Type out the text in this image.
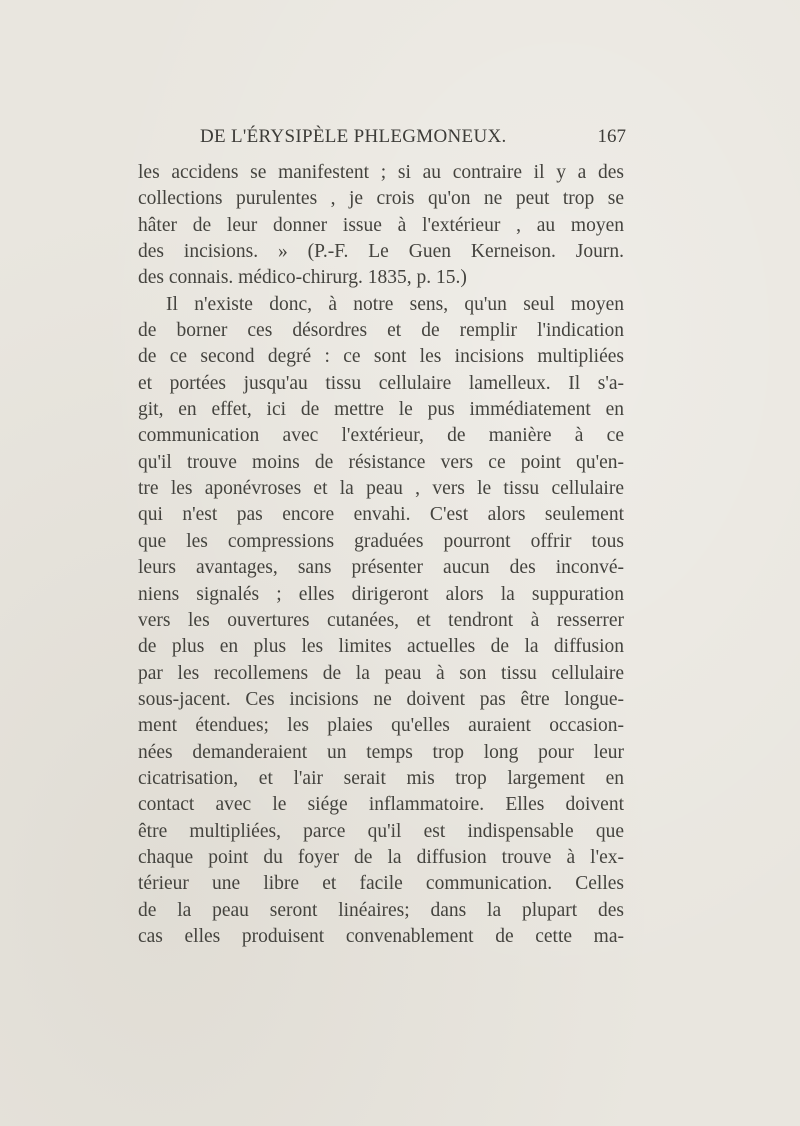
DE L'ÉRYSIPÈLE PHLEGMONEUX.	167
les accidens se manifestent ; si au contraire il y a des
collections purulentes , je crois qu'on ne peut trop se
hâter de leur donner issue à l'extérieur , au moyen
des incisions. » (P.-F. Le Guen Kerneison. Journ.
des connais. médico-chirurg. 1835, p. 15.)
Il n'existe donc, à notre sens, qu'un seul moyen
de borner ces désordres et de remplir l'indication
de ce second degré : ce sont les incisions multipliées
et portées jusqu'au tissu cellulaire lamelleux. Il s'a-
git, en effet, ici de mettre le pus immédiatement en
communication avec l'extérieur, de manière à ce
qu'il trouve moins de résistance vers ce point qu'en-
tre les aponévroses et la peau , vers le tissu cellulaire
qui n'est pas encore envahi. C'est alors seulement
que les compressions graduées pourront offrir tous
leurs avantages, sans présenter aucun des inconvé-
niens signalés ; elles dirigeront alors la suppuration
vers les ouvertures cutanées, et tendront à resserrer
de plus en plus les limites actuelles de la diffusion
par les recollemens de la peau à son tissu cellulaire
sous-jacent. Ces incisions ne doivent pas être longue-
ment étendues; les plaies qu'elles auraient occasion-
nées demanderaient un temps trop long pour leur
cicatrisation, et l'air serait mis trop largement en
contact avec le siége inflammatoire. Elles doivent
être multipliées, parce qu'il est indispensable que
chaque point du foyer de la diffusion trouve à l'ex-
térieur une libre et facile communication. Celles
de la peau seront linéaires; dans la plupart des
cas elles produisent convenablement de cette ma-
